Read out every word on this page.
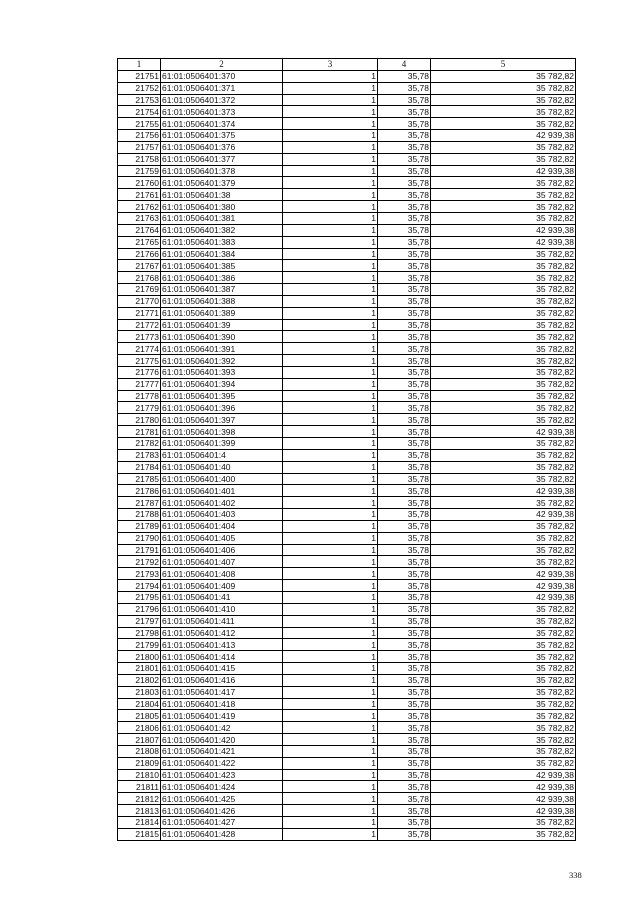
1	2	3	4	5
21751	61:01:0506401:370	1	35,78	35 782,82
21752	61:01:0506401:371	1	35,78	35 782,82
21753	61:01:0506401:372	1	35,78	35 782,82
21754	61:01:0506401:373	1	35,78	35 782,82
21755	61:01:0506401:374	1	35,78	35 782,82
21756	61:01:0506401:375	1	35,78	42 939,38
21757	61:01:0506401:376	1	35,78	35 782,82
21758	61:01:0506401:377	1	35,78	35 782,82
21759	61:01:0506401:378	1	35,78	42 939,38
21760	61:01:0506401:379	1	35,78	35 782,82
21761	61:01:0506401:38	1	35,78	35 782,82
21762	61:01:0506401:380	1	35,78	35 782,82
21763	61:01:0506401:381	1	35,78	35 782,82
21764	61:01:0506401:382	1	35,78	42 939,38
21765	61:01:0506401:383	1	35,78	42 939,38
21766	61:01:0506401:384	1	35,78	35 782,82
21767	61:01:0506401:385	1	35,78	35 782,82
21768	61:01:0506401:386	1	35,78	35 782,82
21769	61:01:0506401:387	1	35,78	35 782,82
21770	61:01:0506401:388	1	35,78	35 782,82
21771	61:01:0506401:389	1	35,78	35 782,82
21772	61:01:0506401:39	1	35,78	35 782,82
21773	61:01:0506401:390	1	35,78	35 782,82
21774	61:01:0506401:391	1	35,78	35 782,82
21775	61:01:0506401:392	1	35,78	35 782,82
21776	61:01:0506401:393	1	35,78	35 782,82
21777	61:01:0506401:394	1	35,78	35 782,82
21778	61:01:0506401:395	1	35,78	35 782,82
21779	61:01:0506401:396	1	35,78	35 782,82
21780	61:01:0506401:397	1	35,78	35 782,82
21781	61:01:0506401:398	1	35,78	42 939,38
21782	61:01:0506401:399	1	35,78	35 782,82
21783	61:01:0506401:4	1	35,78	35 782,82
21784	61:01:0506401:40	1	35,78	35 782,82
21785	61:01:0506401:400	1	35,78	35 782,82
21786	61:01:0506401:401	1	35,78	42 939,38
21787	61:01:0506401:402	1	35,78	35 782,82
21788	61:01:0506401:403	1	35,78	42 939,38
21789	61:01:0506401:404	1	35,78	35 782,82
21790	61:01:0506401:405	1	35,78	35 782,82
21791	61:01:0506401:406	1	35,78	35 782,82
21792	61:01:0506401:407	1	35,78	35 782,82
21793	61:01:0506401:408	1	35,78	42 939,38
21794	61:01:0506401:409	1	35,78	42 939,38
21795	61:01:0506401:41	1	35,78	42 939,38
21796	61:01:0506401:410	1	35,78	35 782,82
21797	61:01:0506401:411	1	35,78	35 782,82
21798	61:01:0506401:412	1	35,78	35 782,82
21799	61:01:0506401:413	1	35,78	35 782,82
21800	61:01:0506401:414	1	35,78	35 782,82
21801	61:01:0506401:415	1	35,78	35 782,82
21802	61:01:0506401:416	1	35,78	35 782,82
21803	61:01:0506401:417	1	35,78	35 782,82
21804	61:01:0506401:418	1	35,78	35 782,82
21805	61:01:0506401:419	1	35,78	35 782,82
21806	61:01:0506401:42	1	35,78	35 782,82
21807	61:01:0506401:420	1	35,78	35 782,82
21808	61:01:0506401:421	1	35,78	35 782,82
21809	61:01:0506401:422	1	35,78	35 782,82
21810	61:01:0506401:423	1	35,78	42 939,38
21811	61:01:0506401:424	1	35,78	42 939,38
21812	61:01:0506401:425	1	35,78	42 939,38
21813	61:01:0506401:426	1	35,78	42 939,38
21814	61:01:0506401:427	1	35,78	35 782,82
21815	61:01:0506401:428	1	35,78	35 782,82
338
